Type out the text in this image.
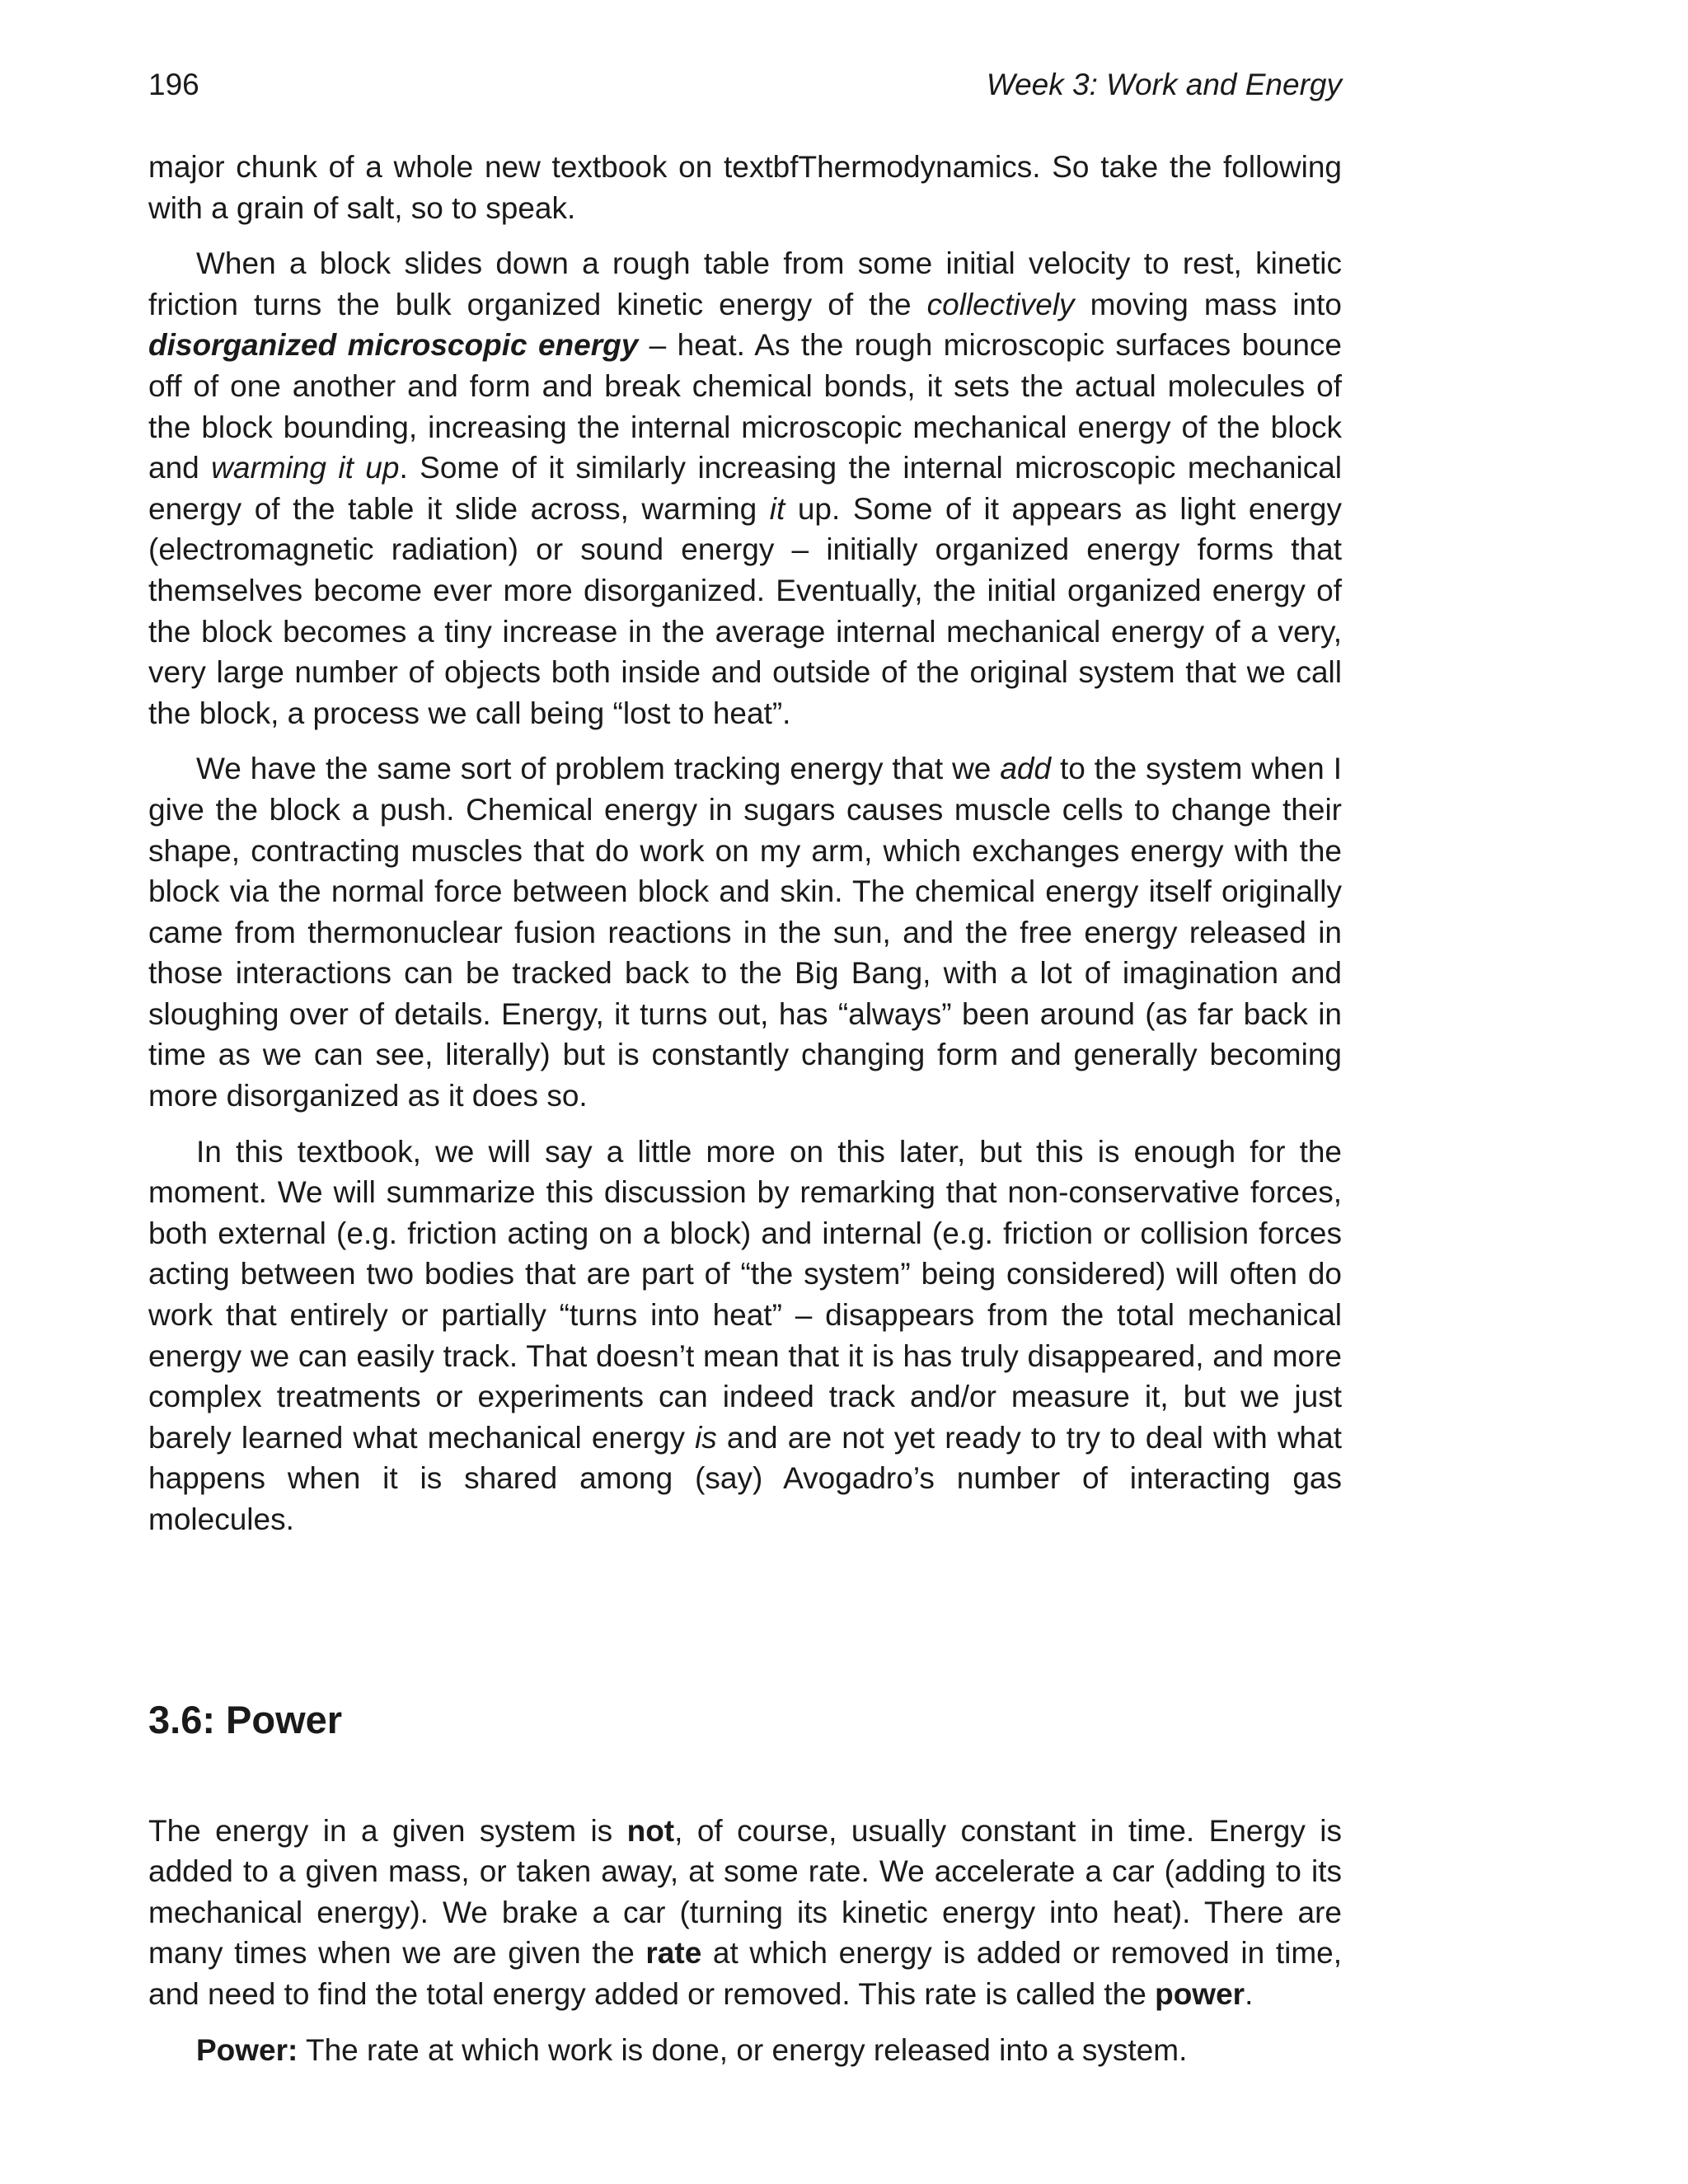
196	Week 3: Work and Energy

major chunk of a whole new textbook on textbfThermodynamics. So take the following with a grain of salt, so to speak.

When a block slides down a rough table from some initial velocity to rest, kinetic friction turns the bulk organized kinetic energy of the collectively moving mass into disorganized microscopic energy – heat. As the rough microscopic surfaces bounce off of one another and form and break chemical bonds, it sets the actual molecules of the block bounding, increasing the internal microscopic mechanical energy of the block and warming it up. Some of it similarly increasing the internal microscopic mechanical energy of the table it slide across, warming it up. Some of it appears as light energy (electromagnetic radiation) or sound energy – initially organized energy forms that themselves become ever more disorganized. Eventually, the initial organized energy of the block becomes a tiny increase in the average internal mechanical energy of a very, very large number of objects both inside and outside of the original system that we call the block, a process we call being “lost to heat”.

We have the same sort of problem tracking energy that we add to the system when I give the block a push. Chemical energy in sugars causes muscle cells to change their shape, contracting muscles that do work on my arm, which exchanges energy with the block via the normal force between block and skin. The chemical energy itself originally came from thermonuclear fusion reactions in the sun, and the free energy released in those interactions can be tracked back to the Big Bang, with a lot of imagination and sloughing over of details. Energy, it turns out, has “always” been around (as far back in time as we can see, literally) but is constantly changing form and generally becoming more disorganized as it does so.

In this textbook, we will say a little more on this later, but this is enough for the moment. We will summarize this discussion by remarking that non-conservative forces, both external (e.g. friction acting on a block) and internal (e.g. friction or collision forces acting between two bodies that are part of “the system” being considered) will often do work that entirely or partially “turns into heat” – disappears from the total mechanical energy we can easily track. That doesn’t mean that it is has truly disappeared, and more complex treatments or experiments can indeed track and/or measure it, but we just barely learned what mechanical energy is and are not yet ready to try to deal with what happens when it is shared among (say) Avogadro’s number of interacting gas molecules.

3.6: Power

The energy in a given system is not, of course, usually constant in time. Energy is added to a given mass, or taken away, at some rate. We accelerate a car (adding to its mechanical energy). We brake a car (turning its kinetic energy into heat). There are many times when we are given the rate at which energy is added or removed in time, and need to find the total energy added or removed. This rate is called the power.

Power: The rate at which work is done, or energy released into a system.
